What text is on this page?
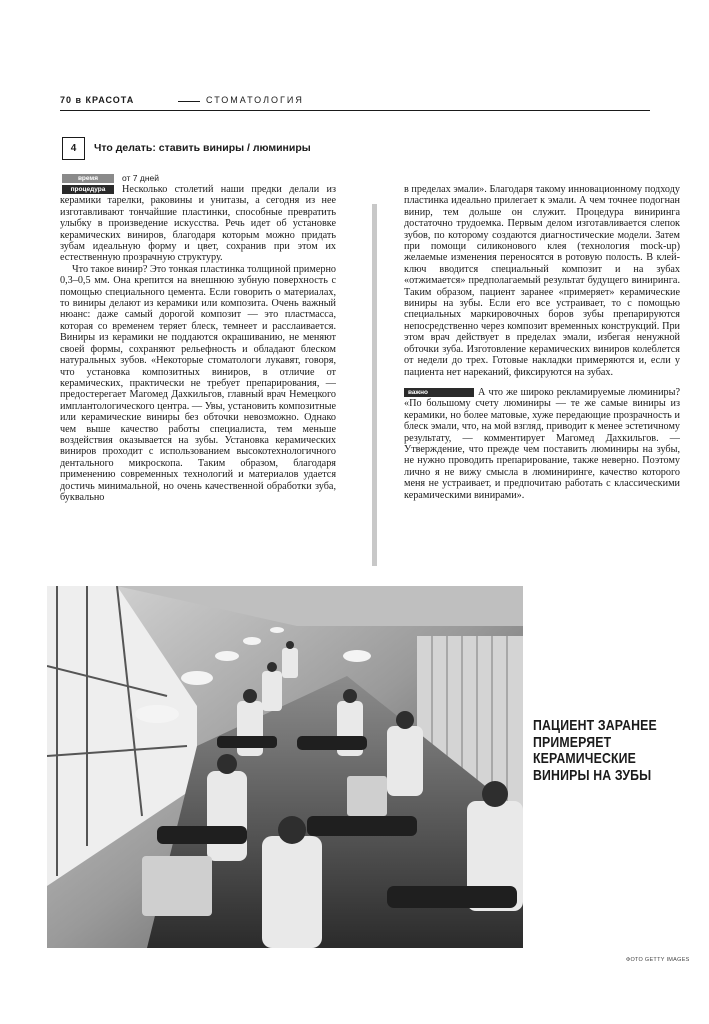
70 в КРАСОТА	СТОМАТОЛОГИЯ
4 Что делать: ставить виниры / люминиры
время	от 7 дней
процедура	Несколько столетий наши предки делали из керамики тарелки, раковины и унитазы, а сегодня из нее изготавливают тончайшие пластинки, способные превратить улыбку в произведение искусства. Речь идет об установке керамических виниров, благодаря которым можно придать зубам идеальную форму и цвет, сохранив при этом их естественную прозрачную структуру.

Что такое винир? Это тонкая пластинка толщиной примерно 0,3–0,5 мм. Она крепится на внешнюю зубную поверхность с помощью специального цемента. Если говорить о материалах, то виниры делают из керамики или композита. Очень важный нюанс: даже самый дорогой композит — это пластмасса, которая со временем теряет блеск, темнеет и расслаивается. Виниры из керамики не поддаются окрашиванию, не меняют своей формы, сохраняют рельефность и обладают блеском натуральных зубов. «Некоторые стоматологи лукавят, говоря, что установка композитных виниров, в отличие от керамических, практически не требует препарирования, — предостерегает Магомед Дахкильгов, главный врач Немецкого имплантологического центра. — Увы, установить композитные или керамические виниры без обточки невозможно. Однако чем выше качество работы специалиста, тем меньше воздействия оказывается на зубы. Установка керамических виниров проходит с использованием высокотехнологичного дентального микроскопа. Таким образом, благодаря применению современных технологий и материалов удается достичь минимальной, но очень качественной обработки зуба, буквально

в пределах эмали». Благодаря такому инновационному подходу пластинка идеально прилегает к эмали. А чем точнее подогнан винир, тем дольше он служит. Процедура виниринга достаточно трудоемка. Первым делом изготавливается слепок зубов, по которому создаются диагностические модели. Затем при помощи силиконового клея (технология mock-up) желаемые изменения переносятся в ротовую полость. В клей-ключ вводится специальный композит и на зубах «отжимается» предполагаемый результат будущего виниринга. Таким образом, пациент заранее «примеряет» керамические виниры на зубы. Если его все устраивает, то с помощью специальных маркировочных боров зубы препарируются непосредственно через композит временных конструкций. При этом врач действует в пределах эмали, избегая ненужной обточки зуба. Изготовление керамических виниров колеблется от недели до трех. Готовые накладки примеряются и, если у пациента нет нареканий, фиксируются на зубах.

важно	А что же широко рекламируемые люминиры? «По большому счету люминиры — те же самые виниры из керамики, но более матовые, хуже передающие прозрачность и блеск эмали, что, на мой взгляд, приводит к менее эстетичному результату, — комментирует Магомед Дахкильгов. — Утверждение, что прежде чем поставить люминиры на зубы, не нужно проводить препарирование, также неверно. Поэтому лично я не вижу смысла в люминиринге, качество которого меня не устраивает, и предпочитаю работать с классическими керамическими винирами».

ПАЦИЕНТ ЗАРАНЕЕ ПРИМЕРЯЕТ КЕРАМИЧЕСКИЕ ВИНИРЫ НА ЗУБЫ
ФОТО GETTY IMAGES
